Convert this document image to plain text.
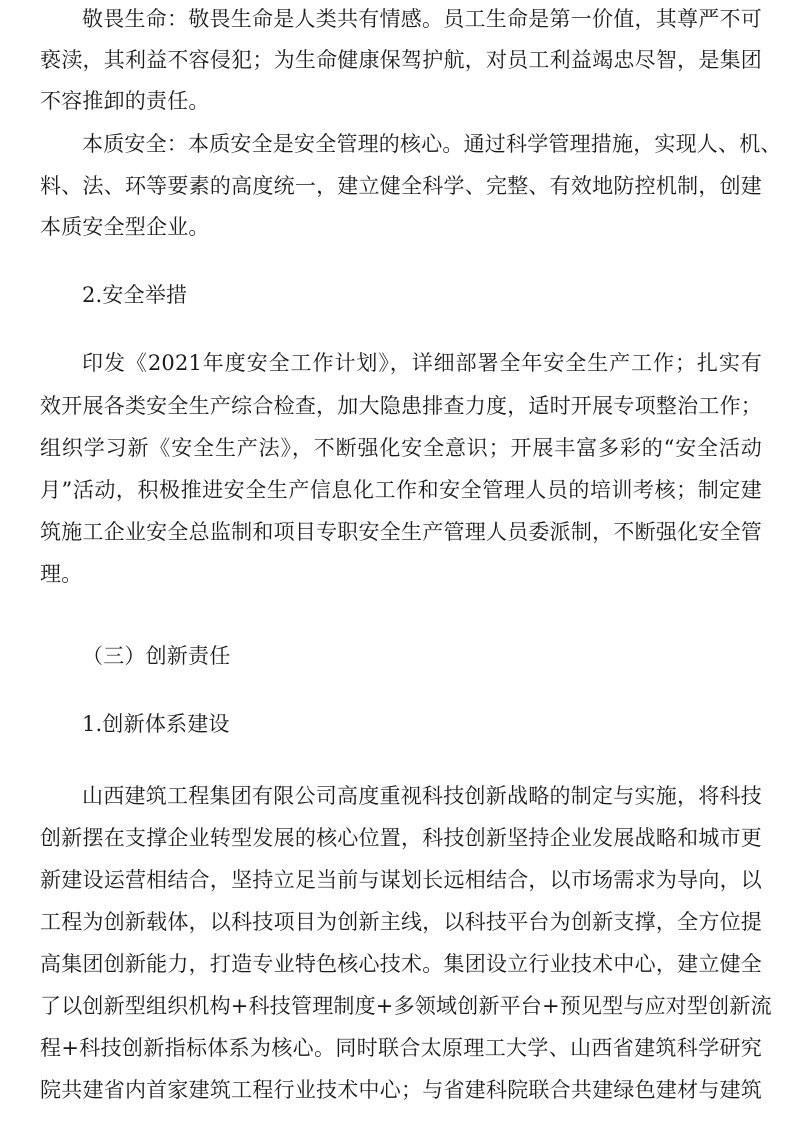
敬畏生命：敬畏生命是人类共有情感。员工生命是第一价值，其尊严不可
亵渎，其利益不容侵犯；为生命健康保驾护航，对员工利益竭忠尽智，是集团
不容推卸的责任。
本质安全：本质安全是安全管理的核心。通过科学管理措施，实现人、机、
料、法、环等要素的高度统一，建立健全科学、完整、有效地防控机制，创建
本质安全型企业。
2.安全举措
印发《2021年度安全工作计划》，详细部署全年安全生产工作；扎实有
效开展各类安全生产综合检查，加大隐患排查力度，适时开展专项整治工作；
组织学习新《安全生产法》，不断强化安全意识；开展丰富多彩的“安全活动
月”活动，积极推进安全生产信息化工作和安全管理人员的培训考核；制定建
筑施工企业安全总监制和项目专职安全生产管理人员委派制，不断强化安全管
理。
（三）创新责任
1.创新体系建设
山西建筑工程集团有限公司高度重视科技创新战略的制定与实施，将科技
创新摆在支撑企业转型发展的核心位置，科技创新坚持企业发展战略和城市更
新建设运营相结合，坚持立足当前与谋划长远相结合，以市场需求为导向，以
工程为创新载体，以科技项目为创新主线，以科技平台为创新支撑，全方位提
高集团创新能力，打造专业特色核心技术。集团设立行业技术中心，建立健全
了以创新型组织机构+科技管理制度+多领域创新平台+预见型与应对型创新流
程+科技创新指标体系为核心。同时联合太原理工大学、山西省建筑科学研究
院共建省内首家建筑工程行业技术中心；与省建科院联合共建绿色建材与建筑
